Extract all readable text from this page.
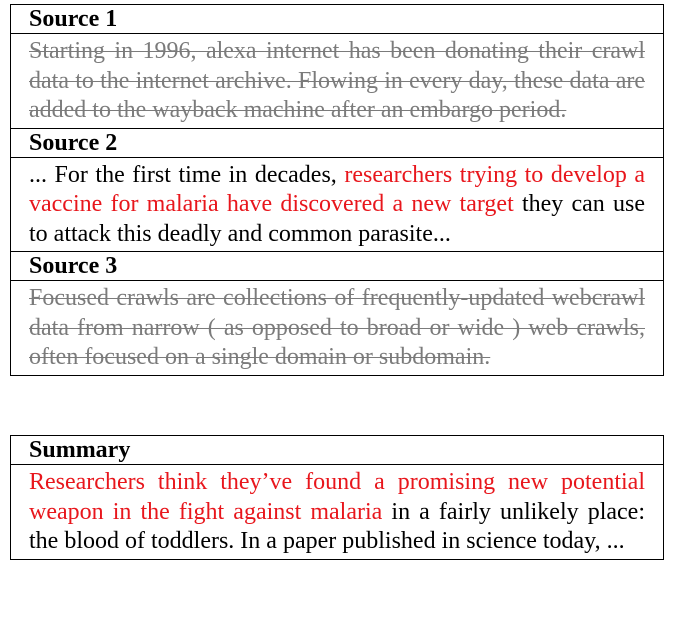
Source 1
Starting in 1996, alexa internet has been donating their crawl data to the internet archive. Flowing in every day, these data are added to the wayback machine after an embargo period.
Source 2
... For the first time in decades, researchers trying to develop a vaccine for malaria have discovered a new target they can use to attack this deadly and common parasite...
Source 3
Focused crawls are collections of frequently-updated webcrawl data from narrow ( as opposed to broad or wide ) web crawls, often focused on a single domain or subdomain.
Summary
Researchers think they’ve found a promising new potential weapon in the fight against malaria in a fairly unlikely place: the blood of toddlers. In a paper published in science today, ...
